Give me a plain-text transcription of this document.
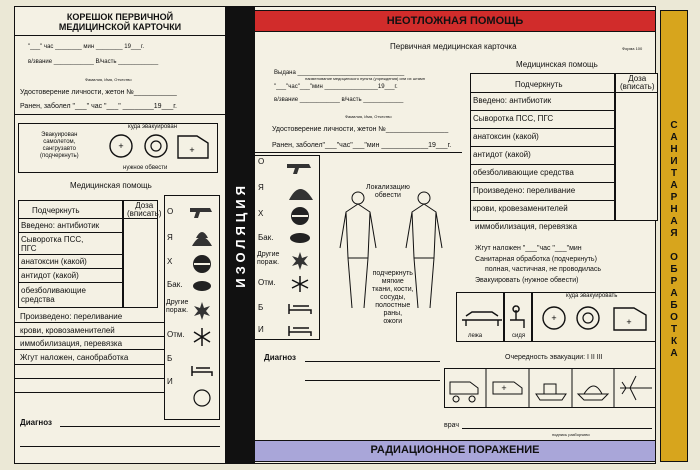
КОРЕШОК ПЕРВИЧНОЙ
МЕДИЦИНСКОЙ КАРТОЧКИ
"___" час ________ мин ________ 19___г.
в/звание ____________ В/часть ____________
Фамилия, Имя, Отчество
Удостоверение личности, жетон №___________
Ранен, заболел "___" час "___" ________19___г.
куда эвакуирован
Эвакуирован
самолетом,
сангрузавто
(подчеркнуть)
нужное обвести
+	+
Медицинская помощь
Подчеркнуть
Доза
(вписать)
Введено: антибиотик
Сыворотка ПСС,
ПГС
анатоксин (какой)
антидот (какой)
обезболивающие
средства
Произведено: переливание
крови, кровозаменителей
иммобилизация, перевязка
Жгут наложен, санобработка
Диагноз
О
Я
Х
Бак.
Другие
пораж.
Отм.
Б
И
ИЗОЛЯЦИЯ
НЕОТЛОЖНАЯ ПОМОЩЬ
РАДИАЦИОННОЕ ПОРАЖЕНИЕ
Первичная медицинская карточка	Форма 100
Выдана ________________________________
наименование медицинского пункта (учреждения) или их штамп
"___"час"___"мин ________________19___г.
в/звание ____________ в/часть ____________
Фамилия, Имя, Отчество
Удостоверение личности, жетон №________________
Ранен, заболел"___"час"___"мин ____________19___г.
О
Я
Х
Бак.
Другие
пораж.
Отм.
Б
И
Локализацию
обвести
подчеркнуть
мягкие
ткани, кости,
сосуды,
полостные
раны,
ожоги
Медицинская помощь
Подчеркнуть
Доза
(вписать)
Введено: антибиотик
Сыворотка ПСС, ПГС
анатоксин (какой)
антидот (какой)
обезболивающие средства
Произведено: переливание
крови, кровезаменителей
иммобилизация, перевязка
Жгут наложен "___"час "___"мин
Санитарная обработка (подчеркнуть)
полная, частичная, не проводилась
Эвакуировать (нужное обвести)
лежа	сидя
куда эвакуировать
+	+
Очередность эвакуации: I II III
+
Диагноз
врач
подпись разборчиво
С
А
Н
И
Т
А
Р
Н
А
Я

О
Б
Р
А
Б
О
Т
К
А
